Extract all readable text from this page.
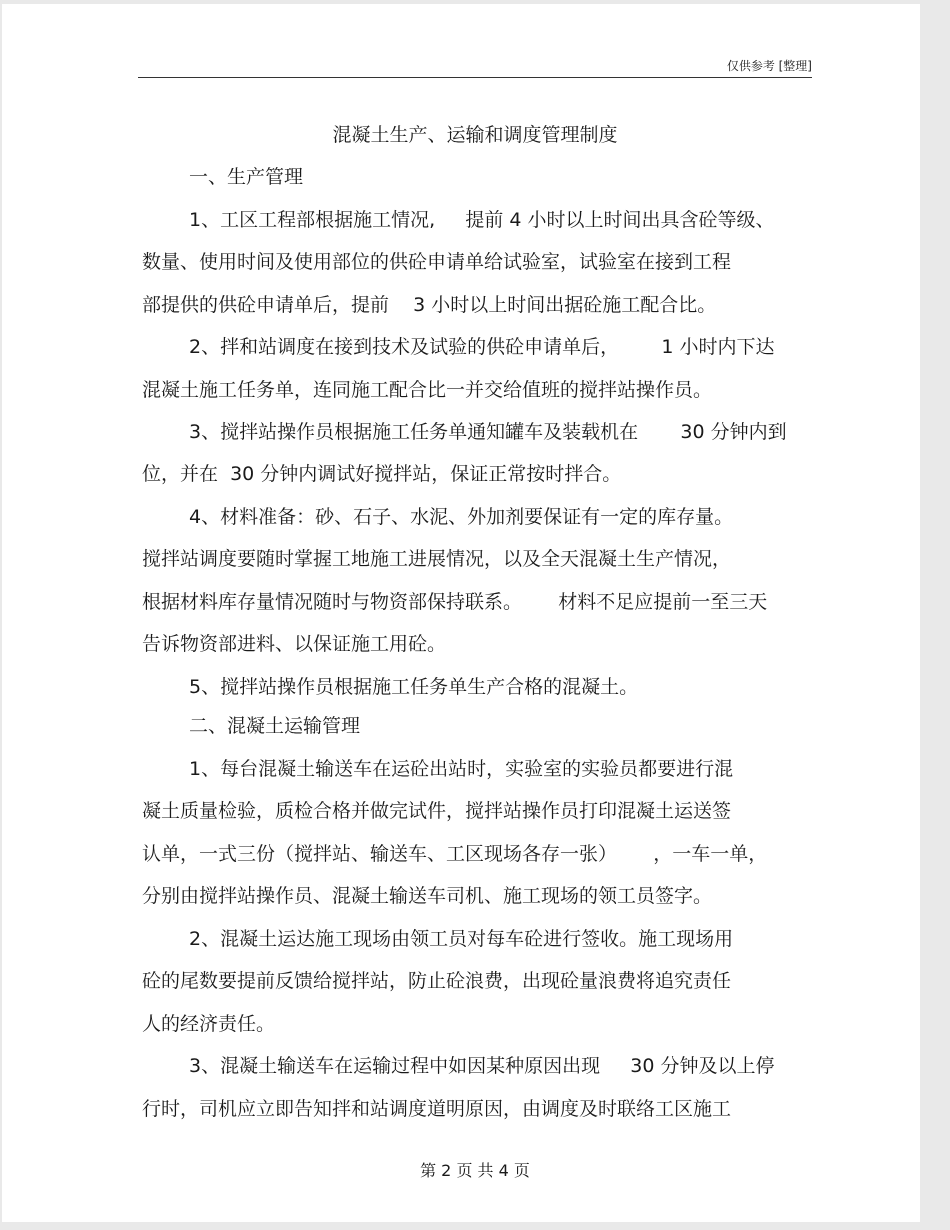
仅供参考 [整理]
混凝土生产、运输和调度管理制度
一、生产管理
1、工区工程部根据施工情况,     提前 4 小时以上时间出具含砼等级、
数量、使用时间及使用部位的供砼申请单给试验室，试验室在接到工程
部提供的供砼申请单后，提前    3 小时以上时间出据砼施工配合比。
2、拌和站调度在接到技术及试验的供砼申请单后，       1 小时内下达
混凝土施工任务单，连同施工配合比一并交给值班的搅拌站操作员。
3、搅拌站操作员根据施工任务单通知罐车及装载机在       30 分钟内到
位，并在  30 分钟内调试好搅拌站，保证正常按时拌合。
4、材料准备：砂、石子、水泥、外加剂要保证有一定的库存量。
搅拌站调度要随时掌握工地施工进展情况，以及全天混凝土生产情况，
根据材料库存量情况随时与物资部保持联系。      材料不足应提前一至三天
告诉物资部进料、以保证施工用砼。
5、搅拌站操作员根据施工任务单生产合格的混凝土。
二、混凝土运输管理
1、每台混凝土输送车在运砼出站时，实验室的实验员都要进行混
凝土质量检验，质检合格并做完试件，搅拌站操作员打印混凝土运送签
认单，一式三份（搅拌站、输送车、工区现场各存一张）      ，一车一单，
分别由搅拌站操作员、混凝土输送车司机、施工现场的领工员签字。
2、混凝土运达施工现场由领工员对每车砼进行签收。施工现场用
砼的尾数要提前反馈给搅拌站，防止砼浪费，出现砼量浪费将追究责任
人的经济责任。
3、混凝土输送车在运输过程中如因某种原因出现     30 分钟及以上停
行时，司机应立即告知拌和站调度道明原因，由调度及时联络工区施工
第 2 页 共 4 页
